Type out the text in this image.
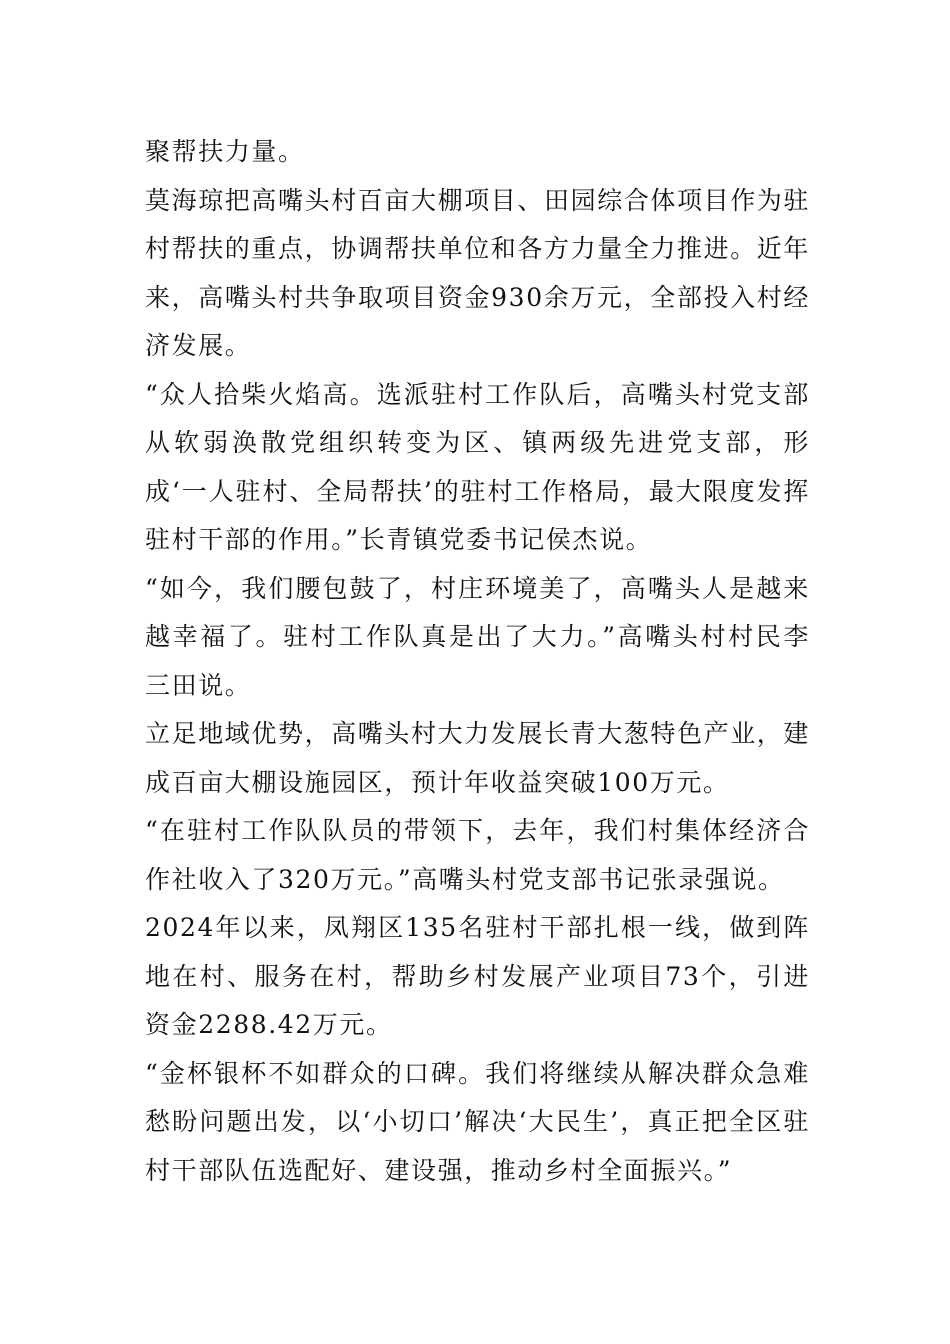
聚帮扶力量。

莫海琼把高嘴头村百亩大棚项目、田园综合体项目作为驻村帮扶的重点，协调帮扶单位和各方力量全力推进。近年来，高嘴头村共争取项目资金930余万元，全部投入村经济发展。

“众人拾柴火焰高。选派驻村工作队后，高嘴头村党支部从软弱涣散党组织转变为区、镇两级先进党支部，形成‘一人驻村、全局帮扶’的驻村工作格局，最大限度发挥驻村干部的作用。”长青镇党委书记侯杰说。

“如今，我们腰包鼓了，村庄环境美了，高嘴头人是越来越幸福了。驻村工作队真是出了大力。”高嘴头村村民李三田说。

立足地域优势，高嘴头村大力发展长青大葱特色产业，建成百亩大棚设施园区，预计年收益突破100万元。

“在驻村工作队队员的带领下，去年，我们村集体经济合作社收入了320万元。”高嘴头村党支部书记张录强说。

2024年以来，凤翔区135名驻村干部扎根一线，做到阵地在村、服务在村，帮助乡村发展产业项目73个，引进资金2288.42万元。

“金杯银杯不如群众的口碑。我们将继续从解决群众急难愁盼问题出发，以‘小切口’解决‘大民生’，真正把全区驻村干部队伍选配好、建设强，推动乡村全面振兴。”
